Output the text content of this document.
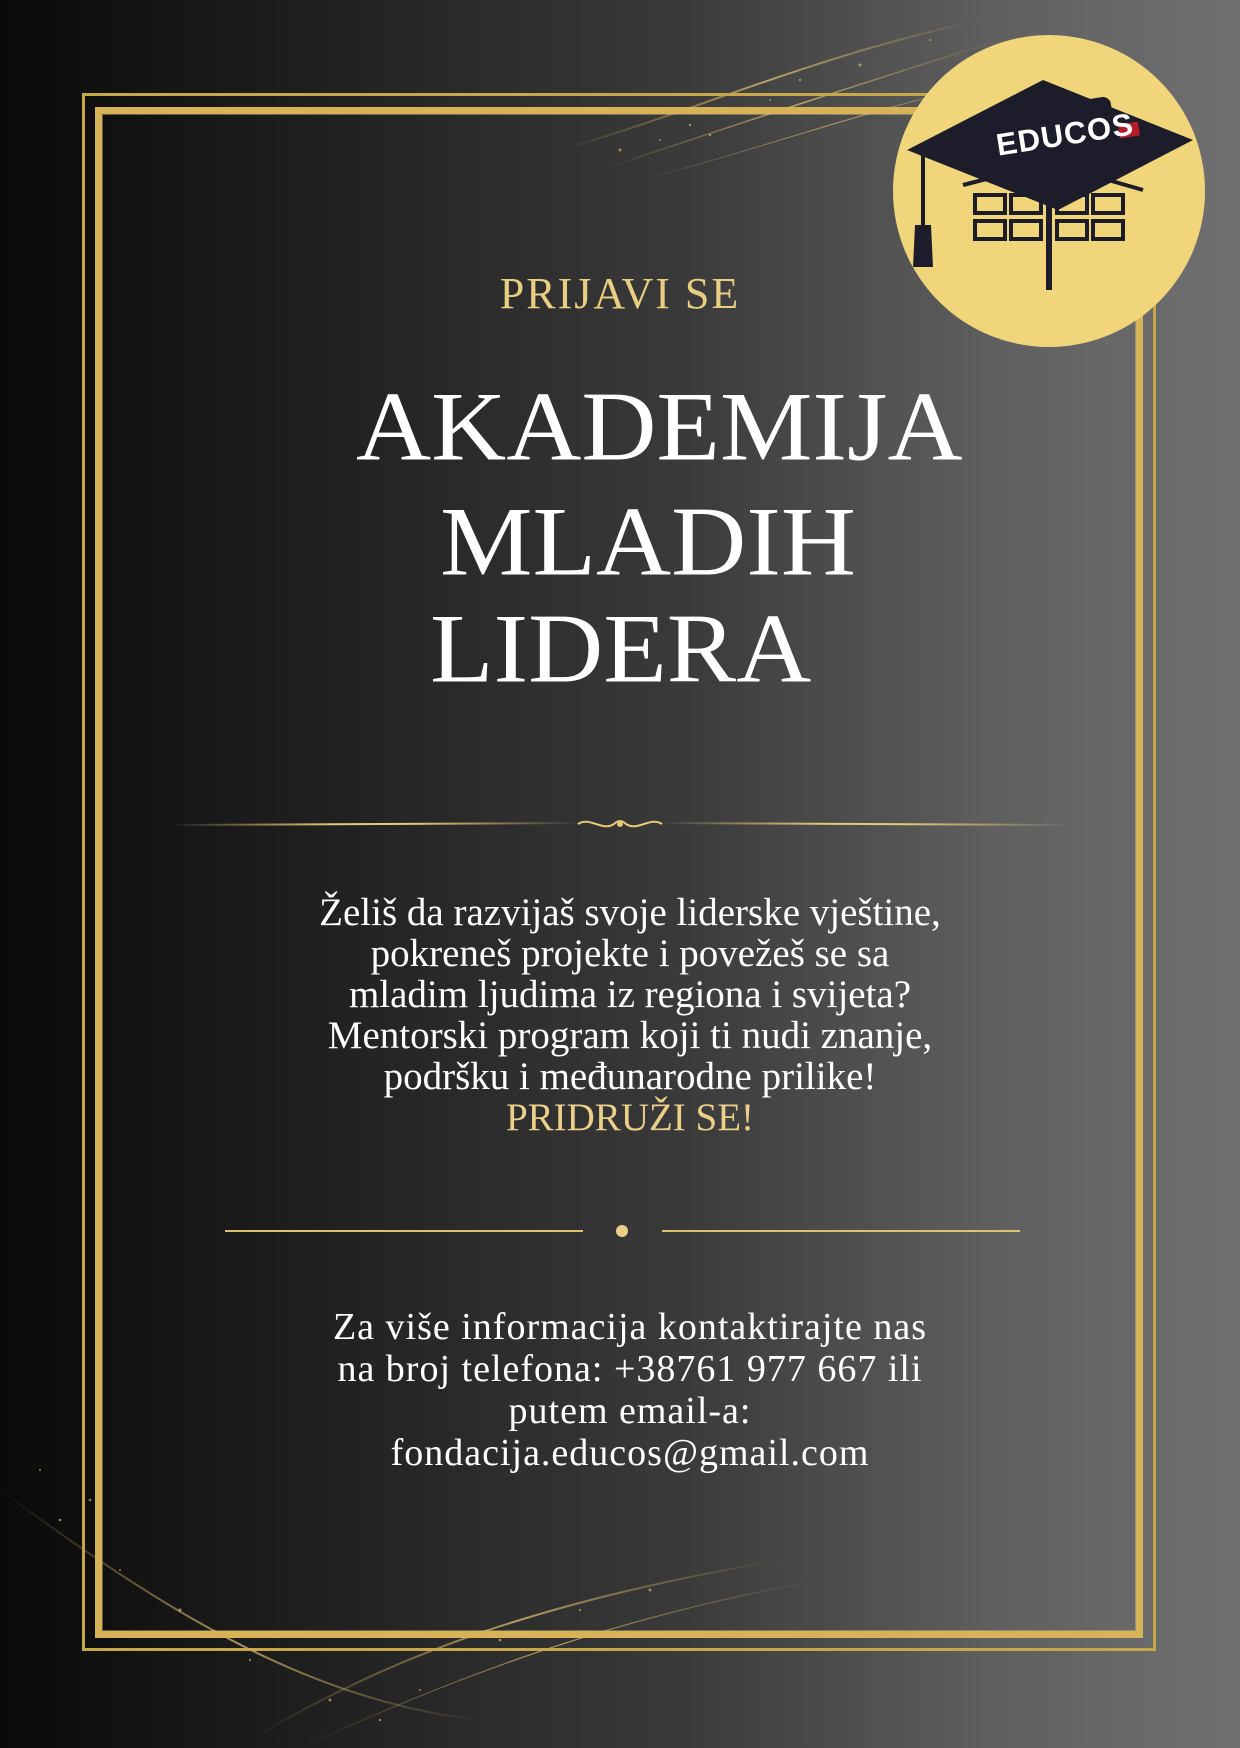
EDUCOS
PRIJAVI SE
AKADEMIJA
MLADIH
LIDERA

Želiš da razvijaš svoje liderske vještine,

pokreneš projekte i povežeš se sa

mladim ljudima iz regiona i svijeta?

Mentorski program koji ti nudi znanje,

podršku i međunarodne prilike!

PRIDRUŽI SE!

Za više informacija kontaktirajte nas

na broj telefona: +38761 977 667 ili

putem email-a:

fondacija.educos@gmail.com
